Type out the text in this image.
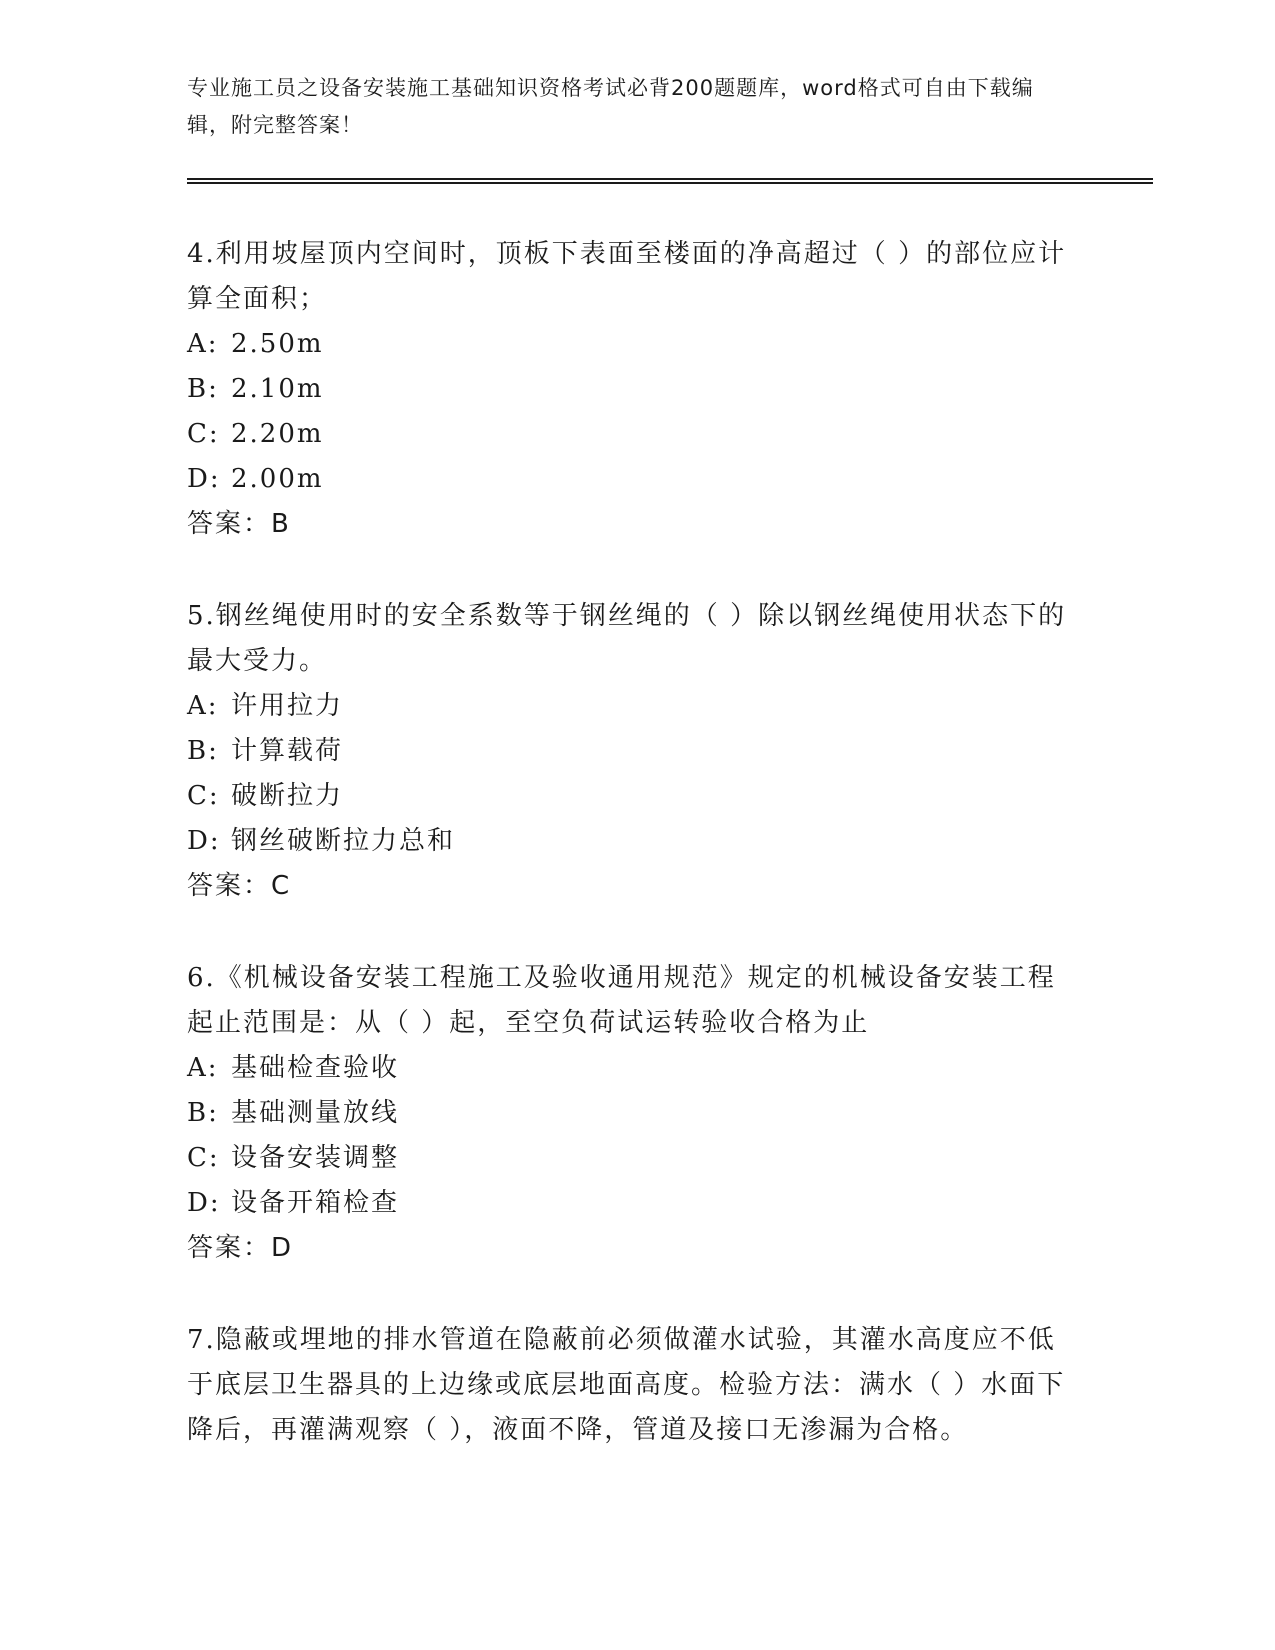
专业施工员之设备安装施工基础知识资格考试必背200题题库，word格式可自由下载编辑，附完整答案！

4.利用坡屋顶内空间时，顶板下表面至楼面的净高超过（ ）的部位应计算全面积；

A: 2.50m

B: 2.10m

C: 2.20m

D: 2.00m

答案：B

5.钢丝绳使用时的安全系数等于钢丝绳的（ ）除以钢丝绳使用状态下的最大受力。

A: 许用拉力

B: 计算载荷

C: 破断拉力

D: 钢丝破断拉力总和

答案：C

6.《机械设备安装工程施工及验收通用规范》规定的机械设备安装工程起止范围是：从（ ）起，至空负荷试运转验收合格为止

A: 基础检查验收

B: 基础测量放线

C: 设备安装调整

D: 设备开箱检查

答案：D

7.隐蔽或埋地的排水管道在隐蔽前必须做灌水试验，其灌水高度应不低于底层卫生器具的上边缘或底层地面高度。检验方法：满水（ ）水面下降后，再灌满观察（ ），液面不降，管道及接口无渗漏为合格。
